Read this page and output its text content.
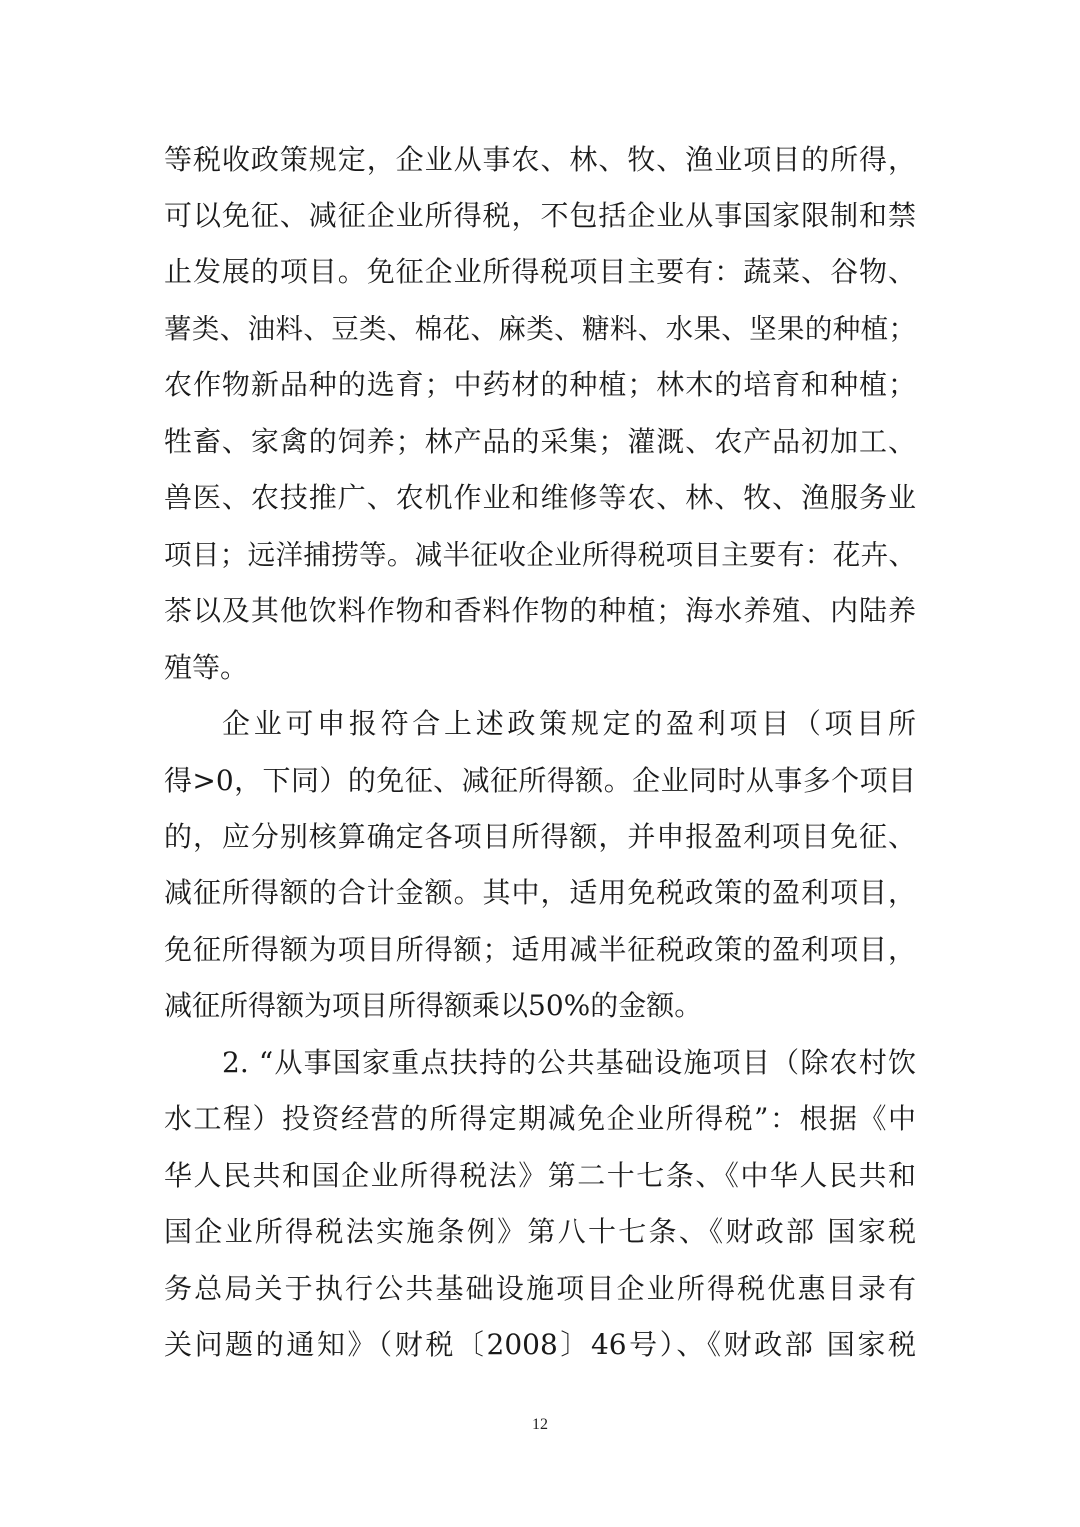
等税收政策规定，企业从事农、林、牧、渔业项目的所得，
可以免征、减征企业所得税，不包括企业从事国家限制和禁
止发展的项目。免征企业所得税项目主要有：蔬菜、谷物、
薯类、油料、豆类、棉花、麻类、糖料、水果、坚果的种植；
农作物新品种的选育；中药材的种植；林木的培育和种植；
牲畜、家禽的饲养；林产品的采集；灌溉、农产品初加工、
兽医、农技推广、农机作业和维修等农、林、牧、渔服务业
项目；远洋捕捞等。减半征收企业所得税项目主要有：花卉、
茶以及其他饮料作物和香料作物的种植；海水养殖、内陆养
殖等。
企业可申报符合上述政策规定的盈利项目（项目所
得>0，下同）的免征、减征所得额。企业同时从事多个项目
的，应分别核算确定各项目所得额，并申报盈利项目免征、
减征所得额的合计金额。其中，适用免税政策的盈利项目，
免征所得额为项目所得额；适用减半征税政策的盈利项目，
减征所得额为项目所得额乘以50%的金额。
2. “从事国家重点扶持的公共基础设施项目（除农村饮
水工程）投资经营的所得定期减免企业所得税”：根据《中
华人民共和国企业所得税法》第二十七条、《中华人民共和
国企业所得税法实施条例》第八十七条、《财政部 国家税
务总局关于执行公共基础设施项目企业所得税优惠目录有
关问题的通知》（财税〔2008〕46号）、《财政部 国家税
12
